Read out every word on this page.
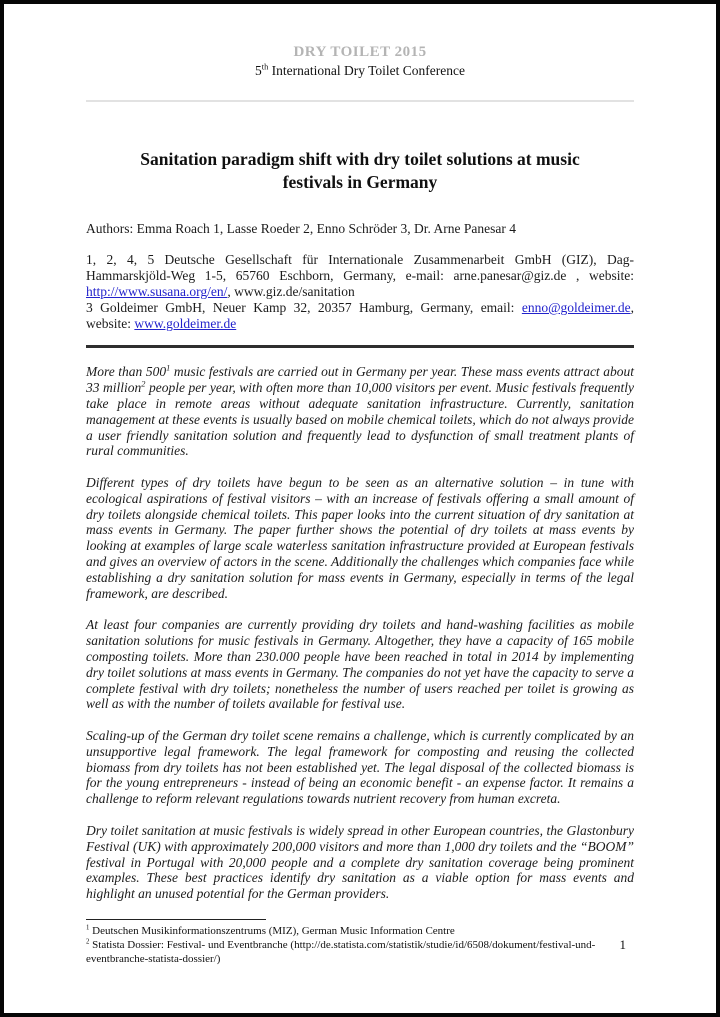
DRY TOILET 2015
5th International Dry Toilet Conference
Sanitation paradigm shift with dry toilet solutions at music festivals in Germany

Authors: Emma Roach 1, Lasse Roeder 2, Enno Schröder 3, Dr. Arne Panesar 4

1, 2, 4, 5 Deutsche Gesellschaft für Internationale Zusammenarbeit GmbH (GIZ), Dag-Hammarskjöld-Weg 1-5, 65760 Eschborn, Germany, e-mail: arne.panesar@giz.de , website: http://www.susana.org/en/, www.giz.de/sanitation

3 Goldeimer GmbH, Neuer Kamp 32, 20357 Hamburg, Germany, email: enno@goldeimer.de, website: www.goldeimer.de

More than $500^1$ music festivals are carried out in Germany per year. These mass events attract about 33 million$^2$ people per year, with often more than 10,000 visitors per event. Music festivals frequently take place in remote areas without adequate sanitation infrastructure. Currently, sanitation management at these events is usually based on mobile chemical toilets, which do not always provide a user friendly sanitation solution and frequently lead to dysfunction of small treatment plants of rural communities.

Different types of dry toilets have begun to be seen as an alternative solution – in tune with ecological aspirations of festival visitors – with an increase of festivals offering a small amount of dry toilets alongside chemical toilets. This paper looks into the current situation of dry sanitation at mass events in Germany. The paper further shows the potential of dry toilets at mass events by looking at examples of large scale waterless sanitation infrastructure provided at European festivals and gives an overview of actors in the scene. Additionally the challenges which companies face while establishing a dry sanitation solution for mass events in Germany, especially in terms of the legal framework, are described.

At least four companies are currently providing dry toilets and hand-washing facilities as mobile sanitation solutions for music festivals in Germany. Altogether, they have a capacity of 165 mobile composting toilets. More than 230.000 people have been reached in total in 2014 by implementing dry toilet solutions at mass events in Germany. The companies do not yet have the capacity to serve a complete festival with dry toilets; nonetheless the number of users reached per toilet is growing as well as with the number of toilets available for festival use.

Scaling-up of the German dry toilet scene remains a challenge, which is currently complicated by an unsupportive legal framework. The legal framework for composting and reusing the collected biomass from dry toilets has not been established yet. The legal disposal of the collected biomass is for the young entrepreneurs - instead of being an economic benefit - an expense factor. It remains a challenge to reform relevant regulations towards nutrient recovery from human excreta.

Dry toilet sanitation at music festivals is widely spread in other European countries, the Glastonbury Festival (UK) with approximately 200,000 visitors and more than 1,000 dry toilets and the “BOOM” festival in Portugal with 20,000 people and a complete dry sanitation coverage being prominent examples. These best practices identify dry sanitation as a viable option for mass events and highlight an unused potential for the German providers.

$^1$ Deutschen Musikinformationszentrums (MIZ), German Music Information Centre

$^2$ Statista Dossier: Festival- und Eventbranche (http://de.statista.com/statistik/studie/id/6508/dokument/festival-und-eventbranche-statista-dossier/)

1
